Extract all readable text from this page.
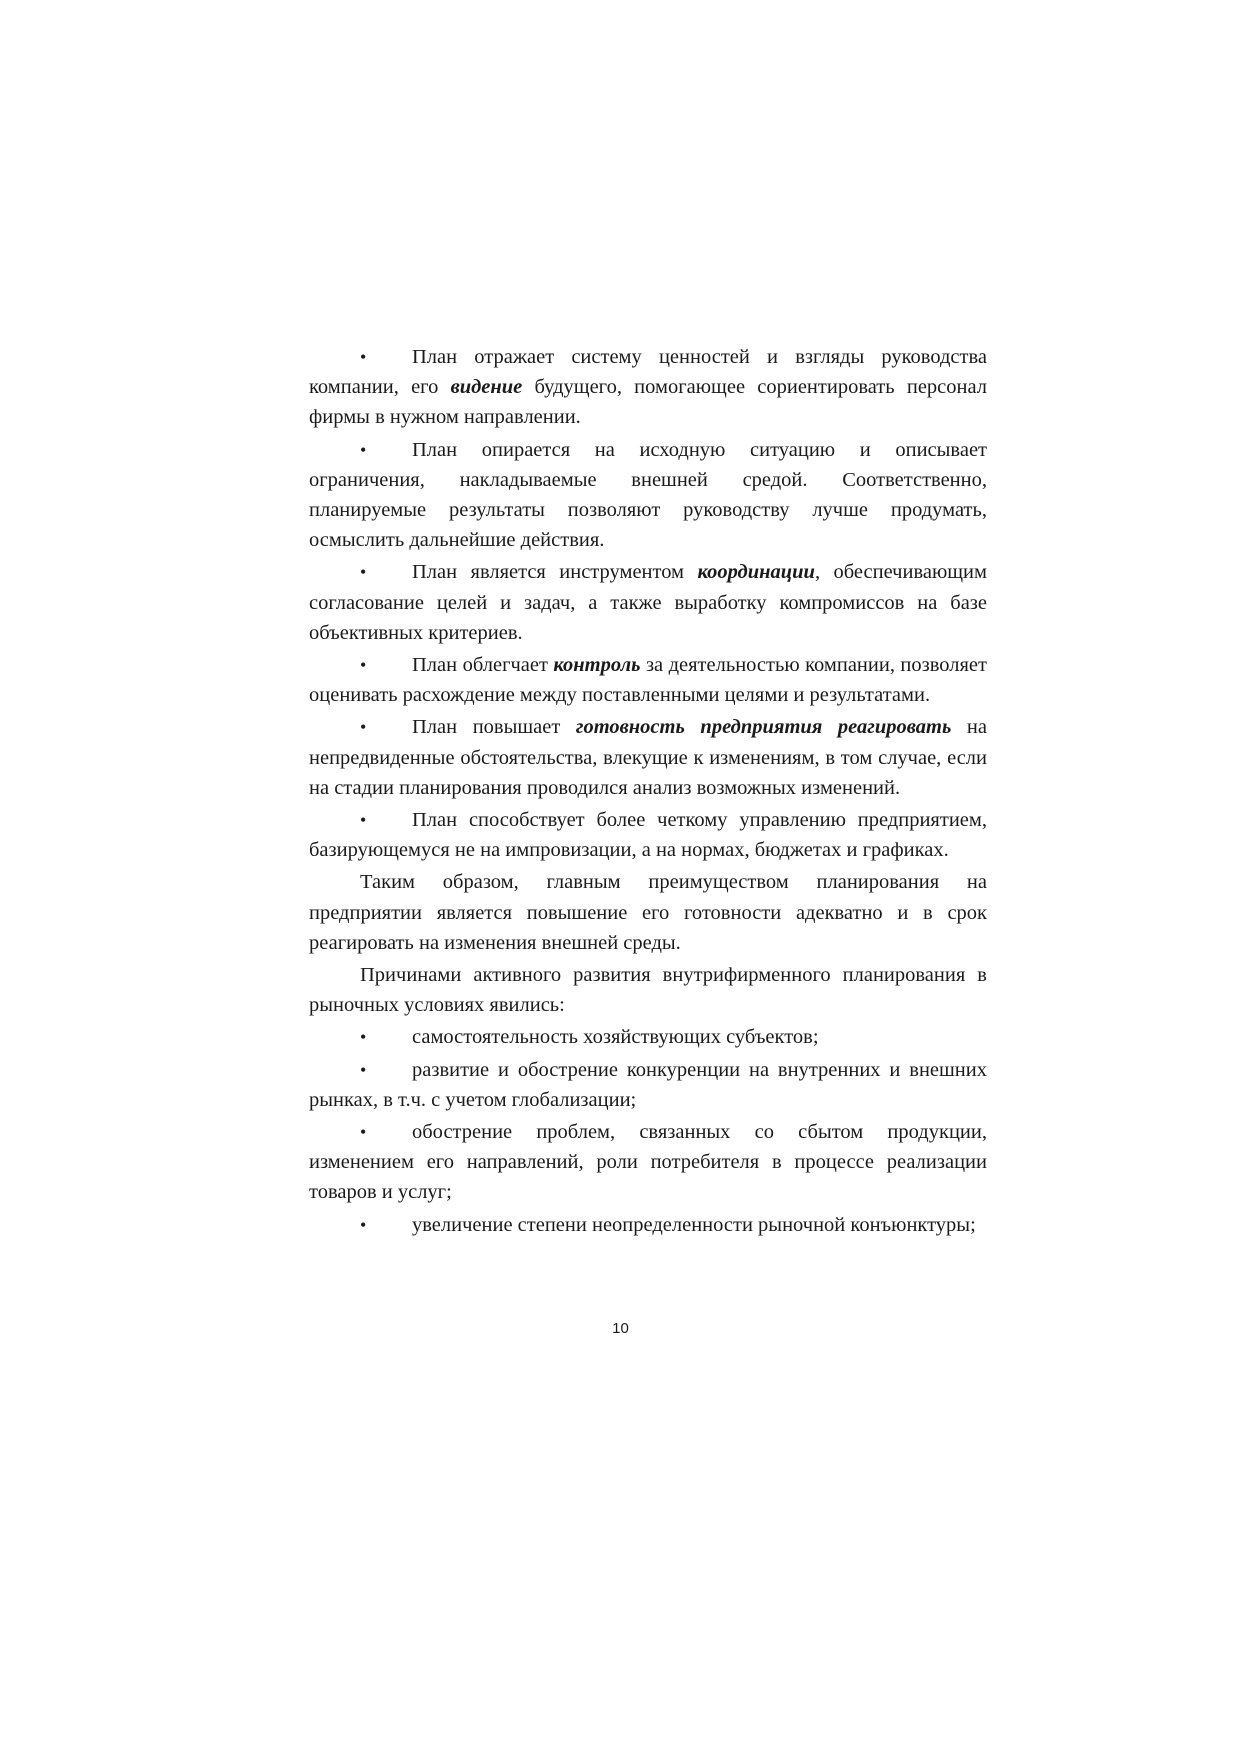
• План отражает систему ценностей и взгляды руководства компании, его видение будущего, помогающее сориентировать персонал фирмы в нужном направлении.

• План опирается на исходную ситуацию и описывает ограничения, накладываемые внешней средой. Соответственно, планируемые результаты позволяют руководству лучше продумать, осмыслить дальнейшие действия.

• План является инструментом координации, обеспечивающим согласование целей и задач, а также выработку компромиссов на базе объективных критериев.

• План облегчает контроль за деятельностью компании, позволяет оценивать расхождение между поставленными целями и результатами.

• План повышает готовность предприятия реагировать на непредвиденные обстоятельства, влекущие к изменениям, в том случае, если на стадии планирования проводился анализ возможных изменений.

• План способствует более четкому управлению предприятием, базирующемуся не на импровизации, а на нормах, бюджетах и графиках.

Таким образом, главным преимуществом планирования на предприятии является повышение его готовности адекватно и в срок реагировать на изменения внешней среды.

Причинами активного развития внутрифирменного планирования в рыночных условиях явились:

• самостоятельность хозяйствующих субъектов;

• развитие и обострение конкуренции на внутренних и внешних рынках, в т.ч. с учетом глобализации;

• обострение проблем, связанных со сбытом продукции, изменением его направлений, роли потребителя в процессе реализации товаров и услуг;

• увеличение степени неопределенности рыночной конъюнктуры;

10
